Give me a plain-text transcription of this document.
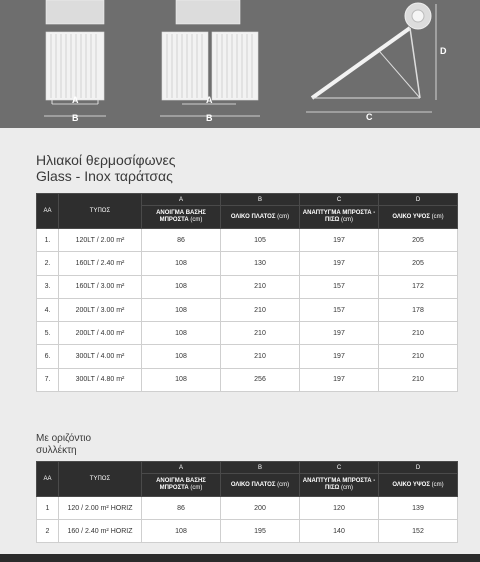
A
B
A
B	C
D
Ηλιακοί θερμοσίφωνες
Glass - Inox ταράτσας
AA	ΤΥΠΟΣ	A	B	C	D
		ΑΝΟΙΓΜΑ ΒΑΣΗΣ ΜΠΡΟΣΤΑ (cm)	ΟΛΙΚΟ ΠΛΑΤΟΣ (cm)	ΑΝΑΠΤΥΓΜΑ ΜΠΡΟΣΤΑ - ΠΙΣΩ (cm)	ΟΛΙΚΟ ΥΨΟΣ (cm)
1.	120LT / 2.00 m²	86	105	197	205
2.	160LT / 2.40 m²	108	130	197	205
3.	160LT / 3.00 m²	108	210	157	172
4.	200LT / 3.00 m²	108	210	157	178
5.	200LT / 4.00 m²	108	210	197	210
6.	300LT / 4.00 m²	108	210	197	210
7.	300LT / 4.80 m²	108	256	197	210
Με οριζόντιο
συλλέκτη
AA	ΤΥΠΟΣ	A	B	C	D
		ΑΝΟΙΓΜΑ ΒΑΣΗΣ ΜΠΡΟΣΤΑ (cm)	ΟΛΙΚΟ ΠΛΑΤΟΣ (cm)	ΑΝΑΠΤΥΓΜΑ ΜΠΡΟΣΤΑ - ΠΙΣΩ (cm)	ΟΛΙΚΟ ΥΨΟΣ (cm)
1	120 / 2.00 m² HORIZ	86	200	120	139
2	160 / 2.40 m² HORIZ	108	195	140	152
